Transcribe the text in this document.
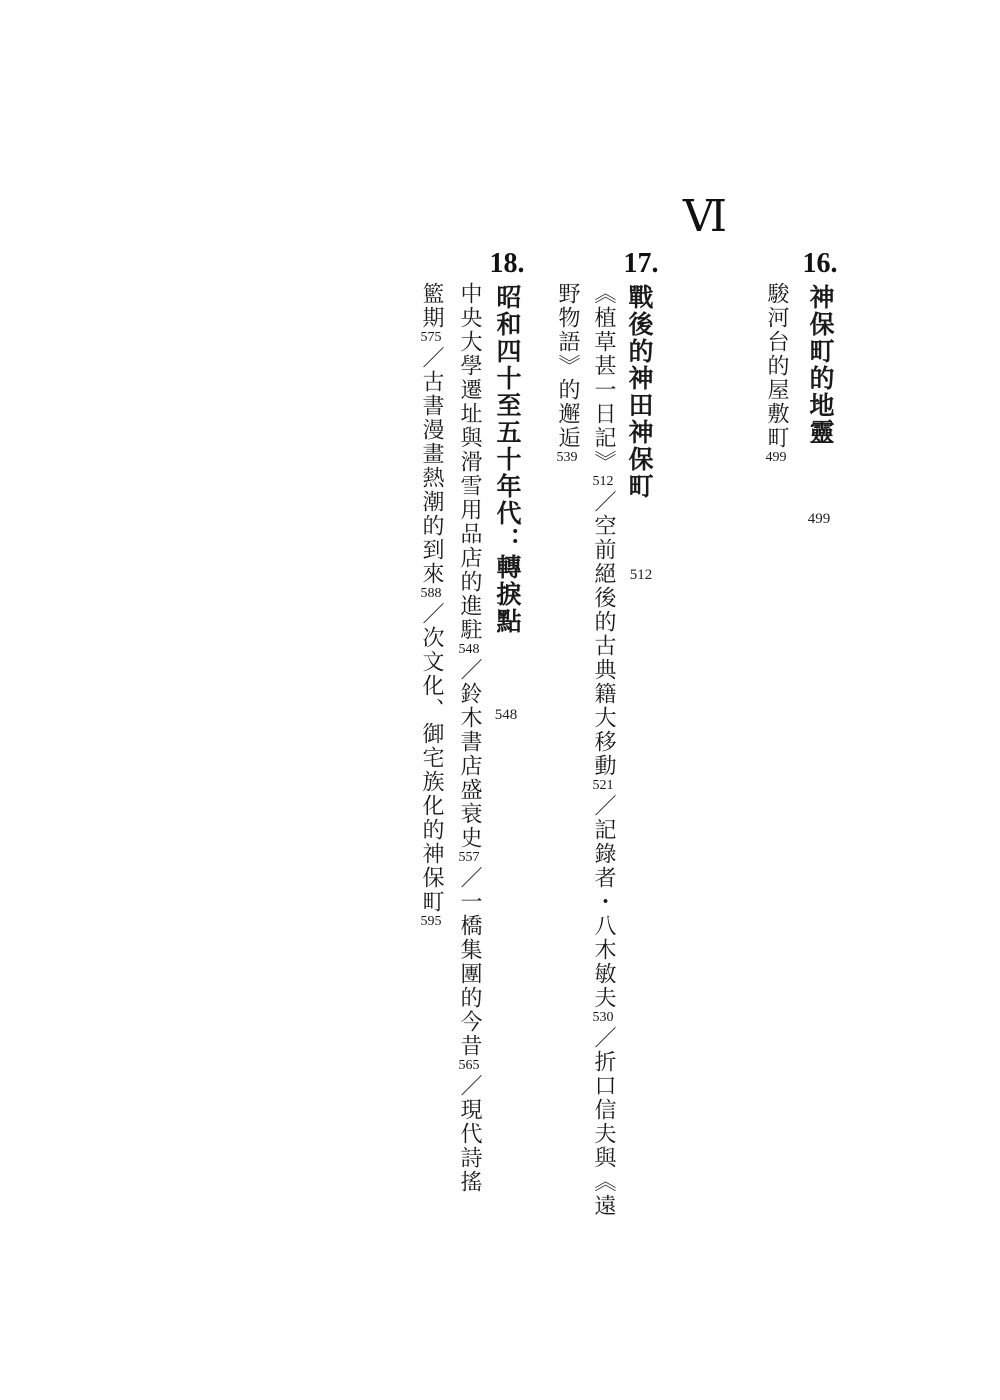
Ⅵ
16.
神保町的地靈
499
駿河台的屋敷町499
17.
戰後的神田神保町
512
《植草甚一日記》512／空前絕後的古典籍大移動521／記錄者・八木敏夫530／折口信夫與《遠
野物語》的邂逅539
18.
昭和四十至五十年代：轉捩點
548
中央大學遷址與滑雪用品店的進駐548／鈴木書店盛衰史557／一橋集團的今昔565／現代詩搖
籃期575／古書漫畫熱潮的到來588／次文化、御宅族化的神保町595
